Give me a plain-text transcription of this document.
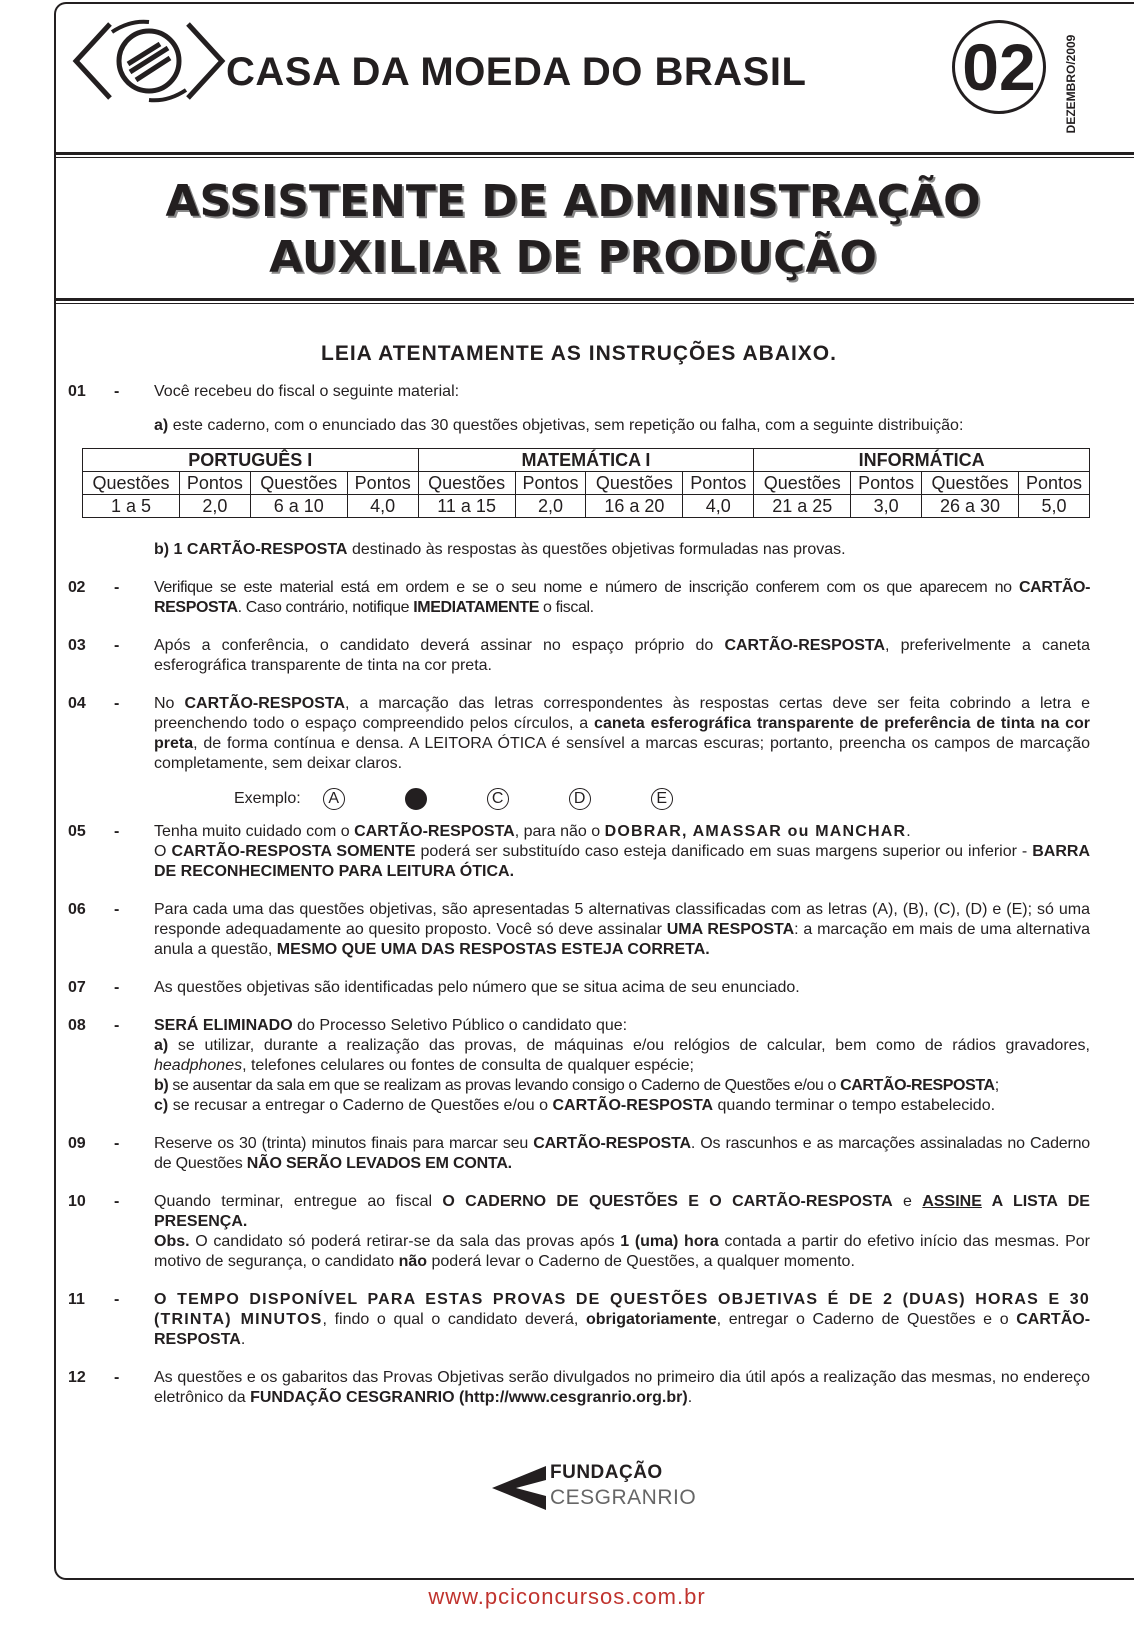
CASA DA MOEDA DO BRASIL 02	DEZEMBRO/2009
ASSISTENTE DE ADMINISTRAÇÃO
AUXILIAR DE PRODUÇÃO
LEIA ATENTAMENTE AS INSTRUÇÕES ABAIXO.
01	-	Você recebeu do fiscal o seguinte material:
a) este caderno, com o enunciado das 30 questões objetivas, sem repetição ou falha, com a seguinte distribuição:
PORTUGUÊS I				MATEMÁTICA I				INFORMÁTICA			
Questões	Pontos	Questões	Pontos	Questões	Pontos	Questões	Pontos	Questões	Pontos	Questões	Pontos
1 a 5	2,0	6 a 10	4,0	11 a 15	2,0	16 a 20	4,0	21 a 25	3,0	26 a 30	5,0
b) 1 CARTÃO-RESPOSTA destinado às respostas às questões objetivas formuladas nas provas.
02	-	Verifique se este material está em ordem e se o seu nome e número de inscrição conferem com os que aparecem no CARTÃO-RESPOSTA. Caso contrário, notifique IMEDIATAMENTE o fiscal.
03	-	Após a conferência, o candidato deverá assinar no espaço próprio do CARTÃO-RESPOSTA, preferivelmente a caneta esferográfica transparente de tinta na cor preta.
04	-	No CARTÃO-RESPOSTA, a marcação das letras correspondentes às respostas certas deve ser feita cobrindo a letra e preenchendo todo o espaço compreendido pelos círculos, a caneta esferográfica transparente de preferência de tinta na cor preta, de forma contínua e densa. A LEITORA ÓTICA é sensível a marcas escuras; portanto, preencha os campos de marcação completamente, sem deixar claros.
Exemplo:	A	C	D	E
05	-	Tenha muito cuidado com o CARTÃO-RESPOSTA, para não o DOBRAR, AMASSAR ou MANCHAR.
O CARTÃO-RESPOSTA SOMENTE poderá ser substituído caso esteja danificado em suas margens superior ou inferior - BARRA DE RECONHECIMENTO PARA LEITURA ÓTICA.
06	-	Para cada uma das questões objetivas, são apresentadas 5 alternativas classificadas com as letras (A), (B), (C), (D) e (E); só uma responde adequadamente ao quesito proposto. Você só deve assinalar UMA RESPOSTA: a marcação em mais de uma alternativa anula a questão, MESMO QUE UMA DAS RESPOSTAS ESTEJA CORRETA.
07	-	As questões objetivas são identificadas pelo número que se situa acima de seu enunciado.
08	-	SERÁ ELIMINADO do Processo Seletivo Público o candidato que:
a) se utilizar, durante a realização das provas, de máquinas e/ou relógios de calcular, bem como de rádios gravadores, headphones, telefones celulares ou fontes de consulta de qualquer espécie;
b) se ausentar da sala em que se realizam as provas levando consigo o Caderno de Questões e/ou o CARTÃO-RESPOSTA;
c) se recusar a entregar o Caderno de Questões e/ou o CARTÃO-RESPOSTA quando terminar o tempo estabelecido.
09	-	Reserve os 30 (trinta) minutos finais para marcar seu CARTÃO-RESPOSTA. Os rascunhos e as marcações assinaladas no Caderno de Questões NÃO SERÃO LEVADOS EM CONTA.
10	-	Quando terminar, entregue ao fiscal O CADERNO DE QUESTÕES E O CARTÃO-RESPOSTA e ASSINE A LISTA DE PRESENÇA.
Obs. O candidato só poderá retirar-se da sala das provas após 1 (uma) hora contada a partir do efetivo início das mesmas. Por motivo de segurança, o candidato não poderá levar o Caderno de Questões, a qualquer momento.
11	-	O TEMPO DISPONÍVEL PARA ESTAS PROVAS DE QUESTÕES OBJETIVAS É DE 2 (DUAS) HORAS E 30 (TRINTA) MINUTOS, findo o qual o candidato deverá, obrigatoriamente, entregar o Caderno de Questões e o CARTÃO-RESPOSTA.
12	-	As questões e os gabaritos das Provas Objetivas serão divulgados no primeiro dia útil após a realização das mesmas, no endereço eletrônico da FUNDAÇÃO CESGRANRIO (http://www.cesgranrio.org.br).
FUNDAÇÃO
CESGRANRIO
www.pciconcursos.com.br
